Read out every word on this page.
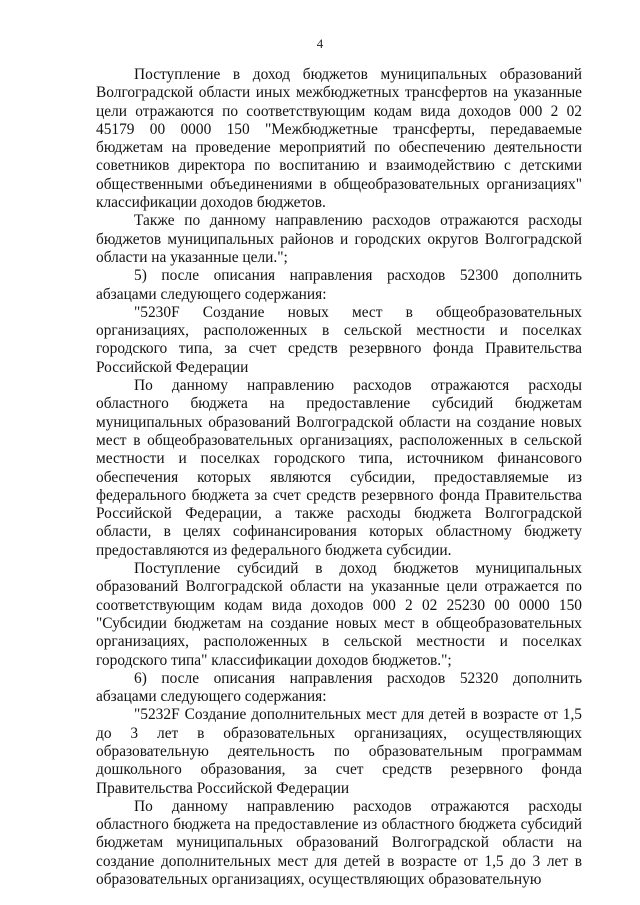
4

Поступление в доход бюджетов муниципальных образований Волгоградской области иных межбюджетных трансфертов на указанные цели отражаются по соответствующим кодам вида доходов 000 2 02 45179 00 0000 150 "Межбюджетные трансферты, передаваемые бюджетам на проведение мероприятий по обеспечению деятельности советников директора по воспитанию и взаимодействию с детскими общественными объединениями в общеобразовательных организациях" классификации доходов бюджетов.

Также по данному направлению расходов отражаются расходы бюджетов муниципальных районов и городских округов Волгоградской области на указанные цели.";

5) после описания направления расходов 52300 дополнить абзацами следующего содержания:

"5230F Создание новых мест в общеобразовательных организациях, расположенных в сельской местности и поселках городского типа, за счет средств резервного фонда Правительства Российской Федерации

По данному направлению расходов отражаются расходы областного бюджета на предоставление субсидий бюджетам муниципальных образований Волгоградской области на создание новых мест в общеобразовательных организациях, расположенных в сельской местности и поселках городского типа, источником финансового обеспечения которых являются субсидии, предоставляемые из федерального бюджета за счет средств резервного фонда Правительства Российской Федерации, а также расходы бюджета Волгоградской области, в целях софинансирования которых областному бюджету предоставляются из федерального бюджета субсидии.

Поступление субсидий в доход бюджетов муниципальных образований Волгоградской области на указанные цели отражается по соответствующим кодам вида доходов 000 2 02 25230 00 0000 150 "Субсидии бюджетам на создание новых мест в общеобразовательных организациях, расположенных в сельской местности и поселках городского типа" классификации доходов бюджетов.";

6) после описания направления расходов 52320 дополнить абзацами следующего содержания:

"5232F Создание дополнительных мест для детей в возрасте от 1,5 до 3 лет в образовательных организациях, осуществляющих образовательную деятельность по образовательным программам дошкольного образования, за счет средств резервного фонда Правительства Российской Федерации

По данному направлению расходов отражаются расходы областного бюджета на предоставление из областного бюджета субсидий бюджетам муниципальных образований Волгоградской области на создание дополнительных мест для детей в возрасте от 1,5 до 3 лет в образовательных организациях, осуществляющих образовательную
